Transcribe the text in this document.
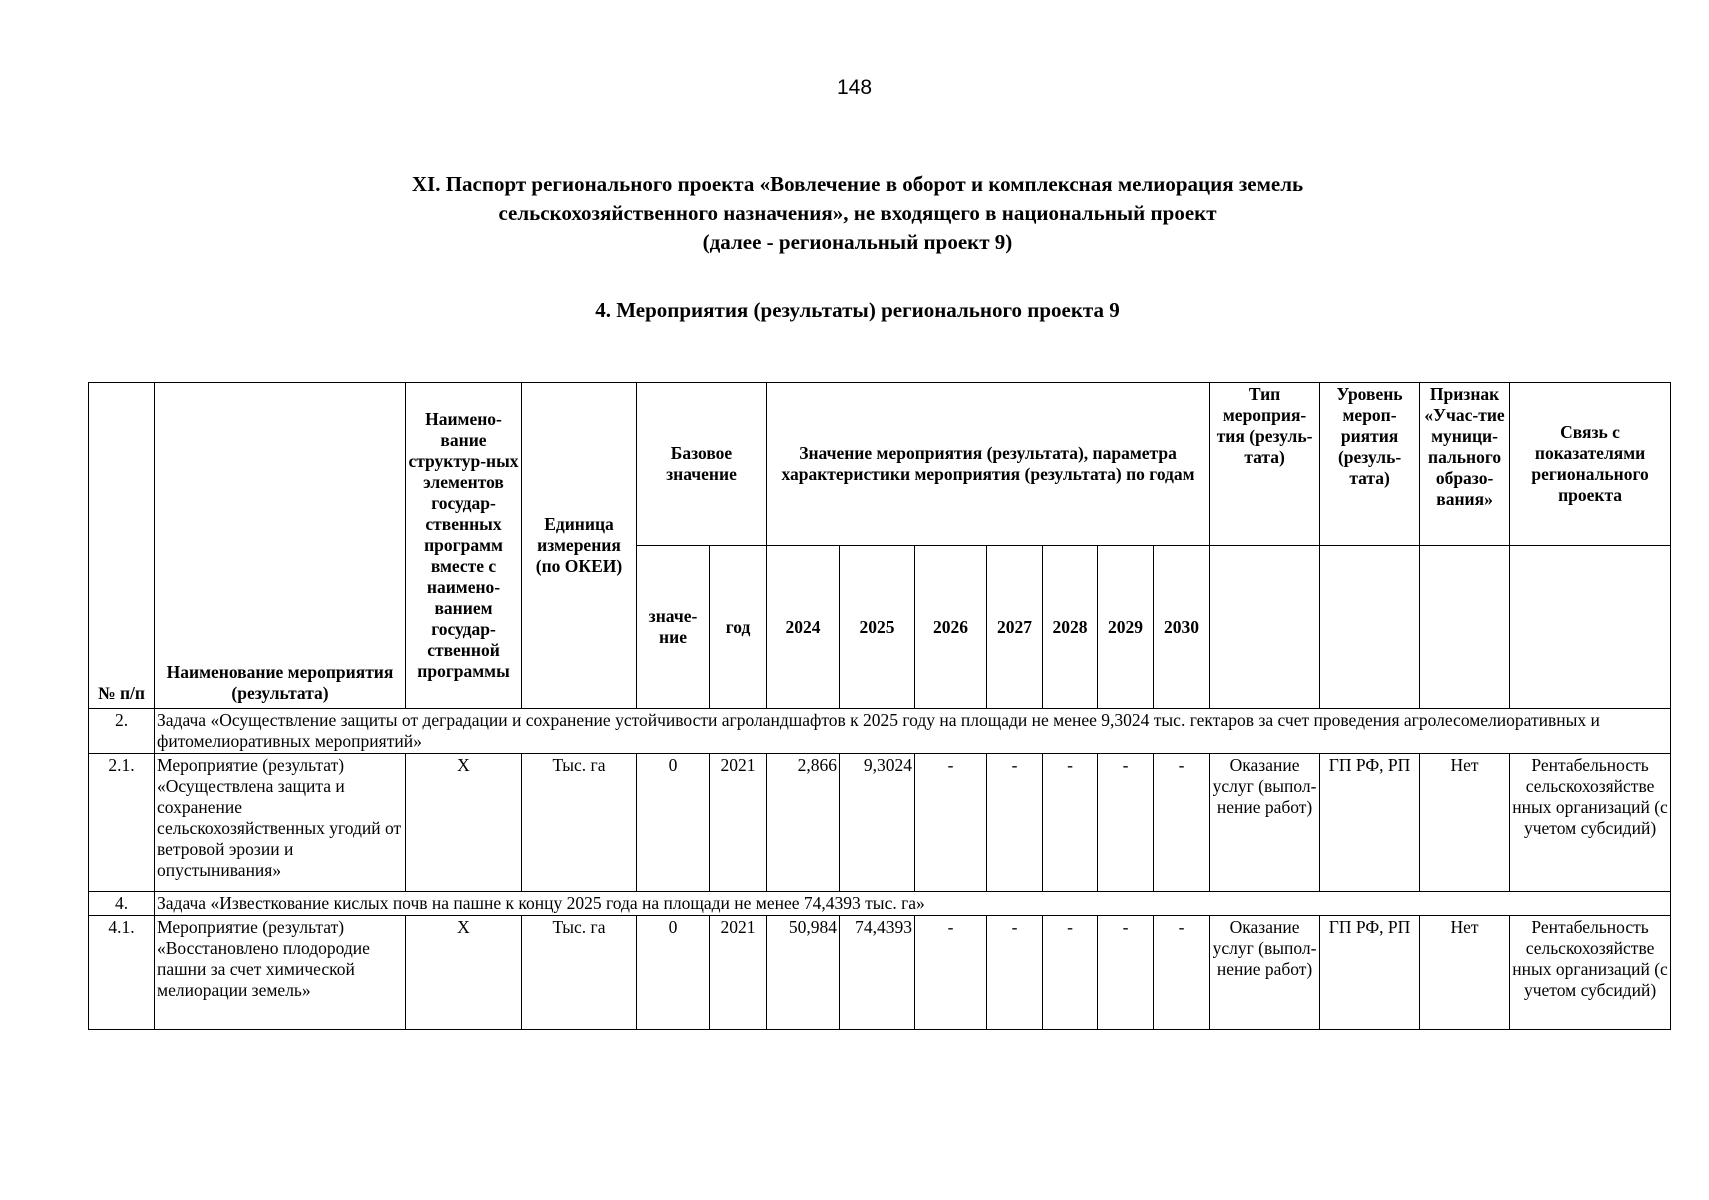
148
XI. Паспорт регионального проекта «Вовлечение в оборот и комплексная мелиорация земель
сельскохозяйственного назначения», не входящего в национальный проект
(далее - региональный проект 9)
4. Мероприятия (результаты) регионального проекта 9
№ п/п	Наименование мероприятия (результата)	Наимено-вание структур-ных элементов государ-ственных программ вместе с наимено-ванием государ-ственной программы	Единица измерения (по ОКЕИ)	Базовое значение		Значение мероприятия (результата), параметра характеристики мероприятия (результата) по годам							Тип мероприя-тия (резуль-тата)	Уровень мероп-риятия (резуль-тата)	Признак «Учас-тие муници-пального образо-вания»	Связь с показателями регионального проекта
				значе-ние	год	2024	2025	2026	2027	2028	2029	2030				
2.	Задача «Осуществление защиты от деградации и сохранение устойчивости агроландшафтов к 2025 году на площади не менее 9,3024 тыс. гектаров за счет проведения агролесомелиоративных и фитомелиоративных мероприятий»															
2.1.	Мероприятие (результат) «Осуществлена защита и сохранение сельскохозяйственных угодий от ветровой эрозии и опустынивания»	Х	Тыс. га	0	2021	2,866	9,3024	-	-	-	-	-	Оказание услуг (выпол-нение работ)	ГП РФ, РП	Нет	Рентабельность сельскохозяйстве нных организаций (с учетом субсидий)
4.	Задача «Известкование кислых почв на пашне к концу 2025 года на площади не менее 74,4393 тыс. га»															
4.1.	Мероприятие (результат) «Восстановлено плодородие пашни за счет химической мелиорации земель»	Х	Тыс. га	0	2021	50,984	74,4393	-	-	-	-	-	Оказание услуг (выпол-нение работ)	ГП РФ, РП	Нет	Рентабельность сельскохозяйстве нных организаций (с учетом субсидий)
